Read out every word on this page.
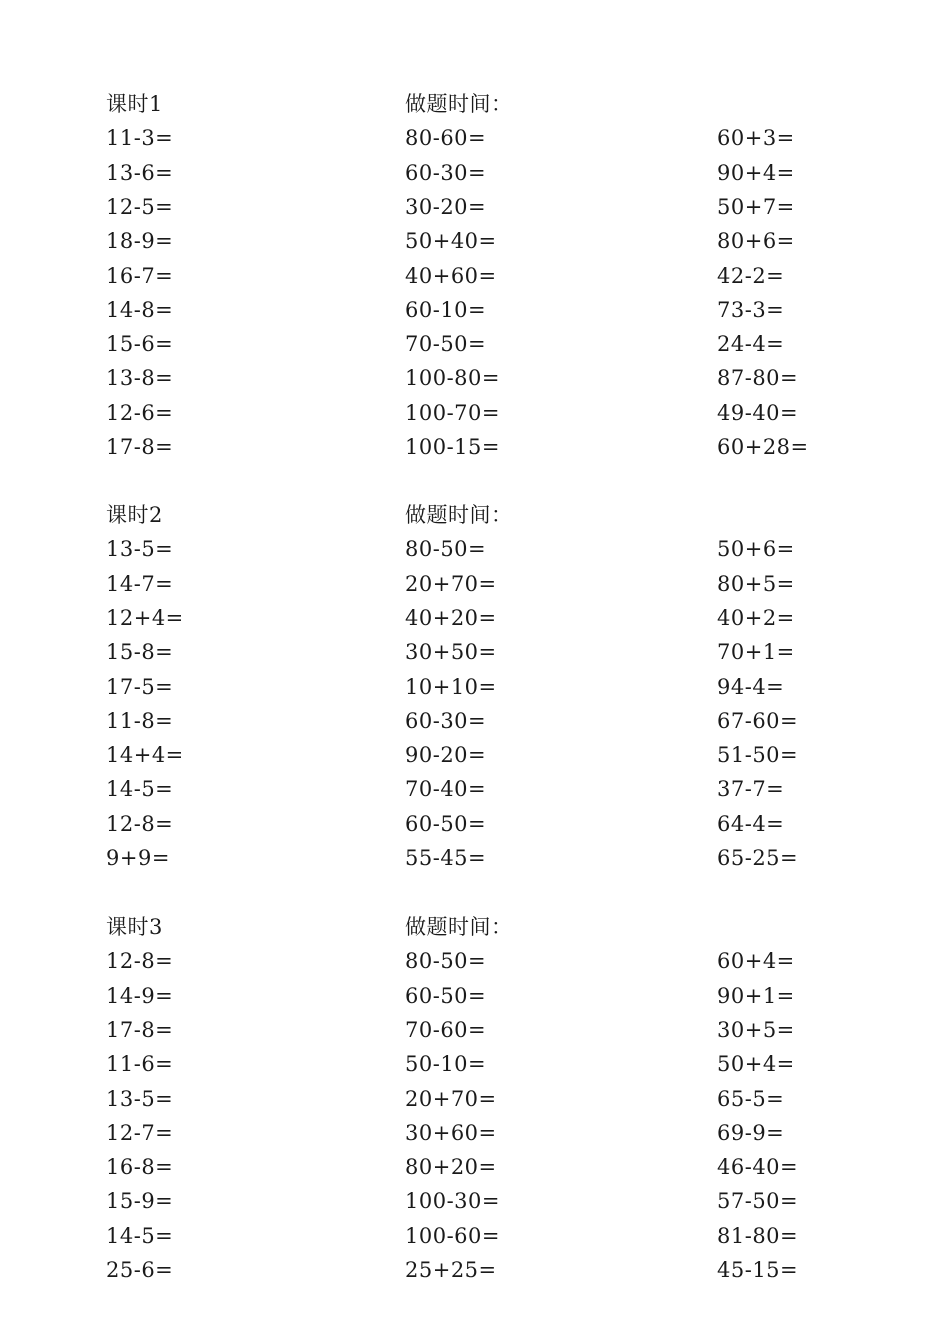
课时1	做题时间：
11-3=	80-60=	60+3=
13-6=	60-30=	90+4=
12-5=	30-20=	50+7=
18-9=	50+40=	80+6=
16-7=	40+60=	42-2=
14-8=	60-10=	73-3=
15-6=	70-50=	24-4=
13-8=	100-80=	87-80=
12-6=	100-70=	49-40=
17-8=	100-15=	60+28=
课时2	做题时间：
13-5=	80-50=	50+6=
14-7=	20+70=	80+5=
12+4=	40+20=	40+2=
15-8=	30+50=	70+1=
17-5=	10+10=	94-4=
11-8=	60-30=	67-60=
14+4=	90-20=	51-50=
14-5=	70-40=	37-7=
12-8=	60-50=	64-4=
9+9=	55-45=	65-25=
课时3	做题时间：
12-8=	80-50=	60+4=
14-9=	60-50=	90+1=
17-8=	70-60=	30+5=
11-6=	50-10=	50+4=
13-5=	20+70=	65-5=
12-7=	30+60=	69-9=
16-8=	80+20=	46-40=
15-9=	100-30=	57-50=
14-5=	100-60=	81-80=
25-6=	25+25=	45-15=
